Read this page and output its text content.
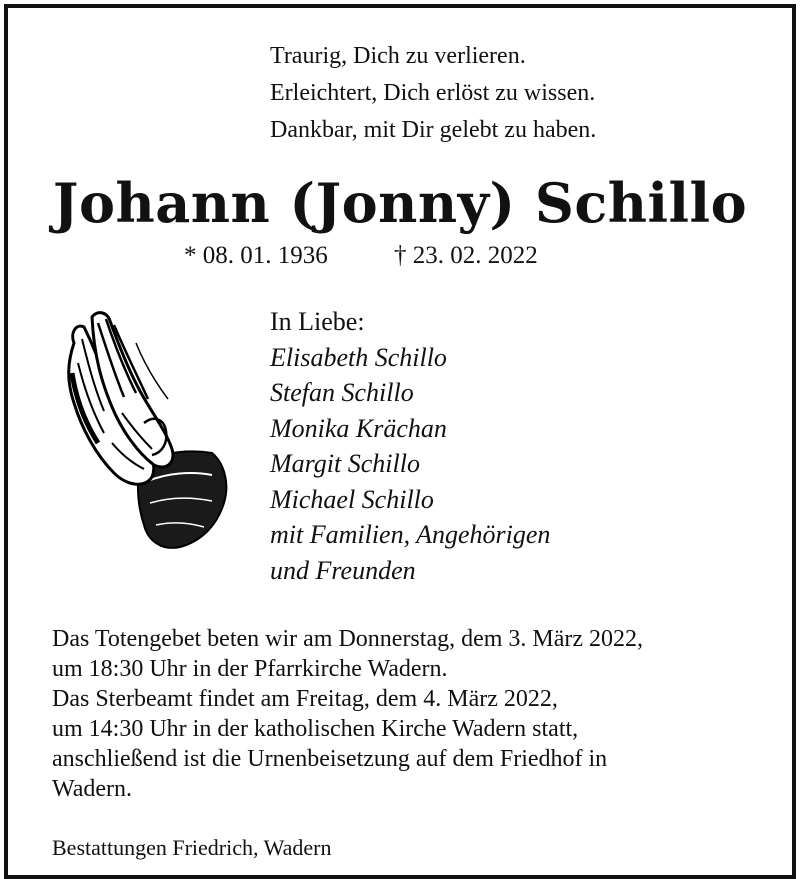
Traurig, Dich zu verlieren.
Erleichtert, Dich erlöst zu wissen.
Dankbar, mit Dir gelebt zu haben.
Johann (Jonny) Schillo
* 08. 01. 1936	† 23. 02. 2022
In Liebe:
Elisabeth Schillo
Stefan Schillo
Monika Krächan
Margit Schillo
Michael Schillo
mit Familien, Angehörigen
und Freunden
Das Totengebet beten wir am Donnerstag, dem 3. März 2022,
um 18:30 Uhr in der Pfarrkirche Wadern.
Das Sterbeamt findet am Freitag, dem 4. März 2022,
um 14:30 Uhr in der katholischen Kirche Wadern statt,
anschließend ist die Urnenbeisetzung auf dem Friedhof in
Wadern.
Bestattungen Friedrich, Wadern
